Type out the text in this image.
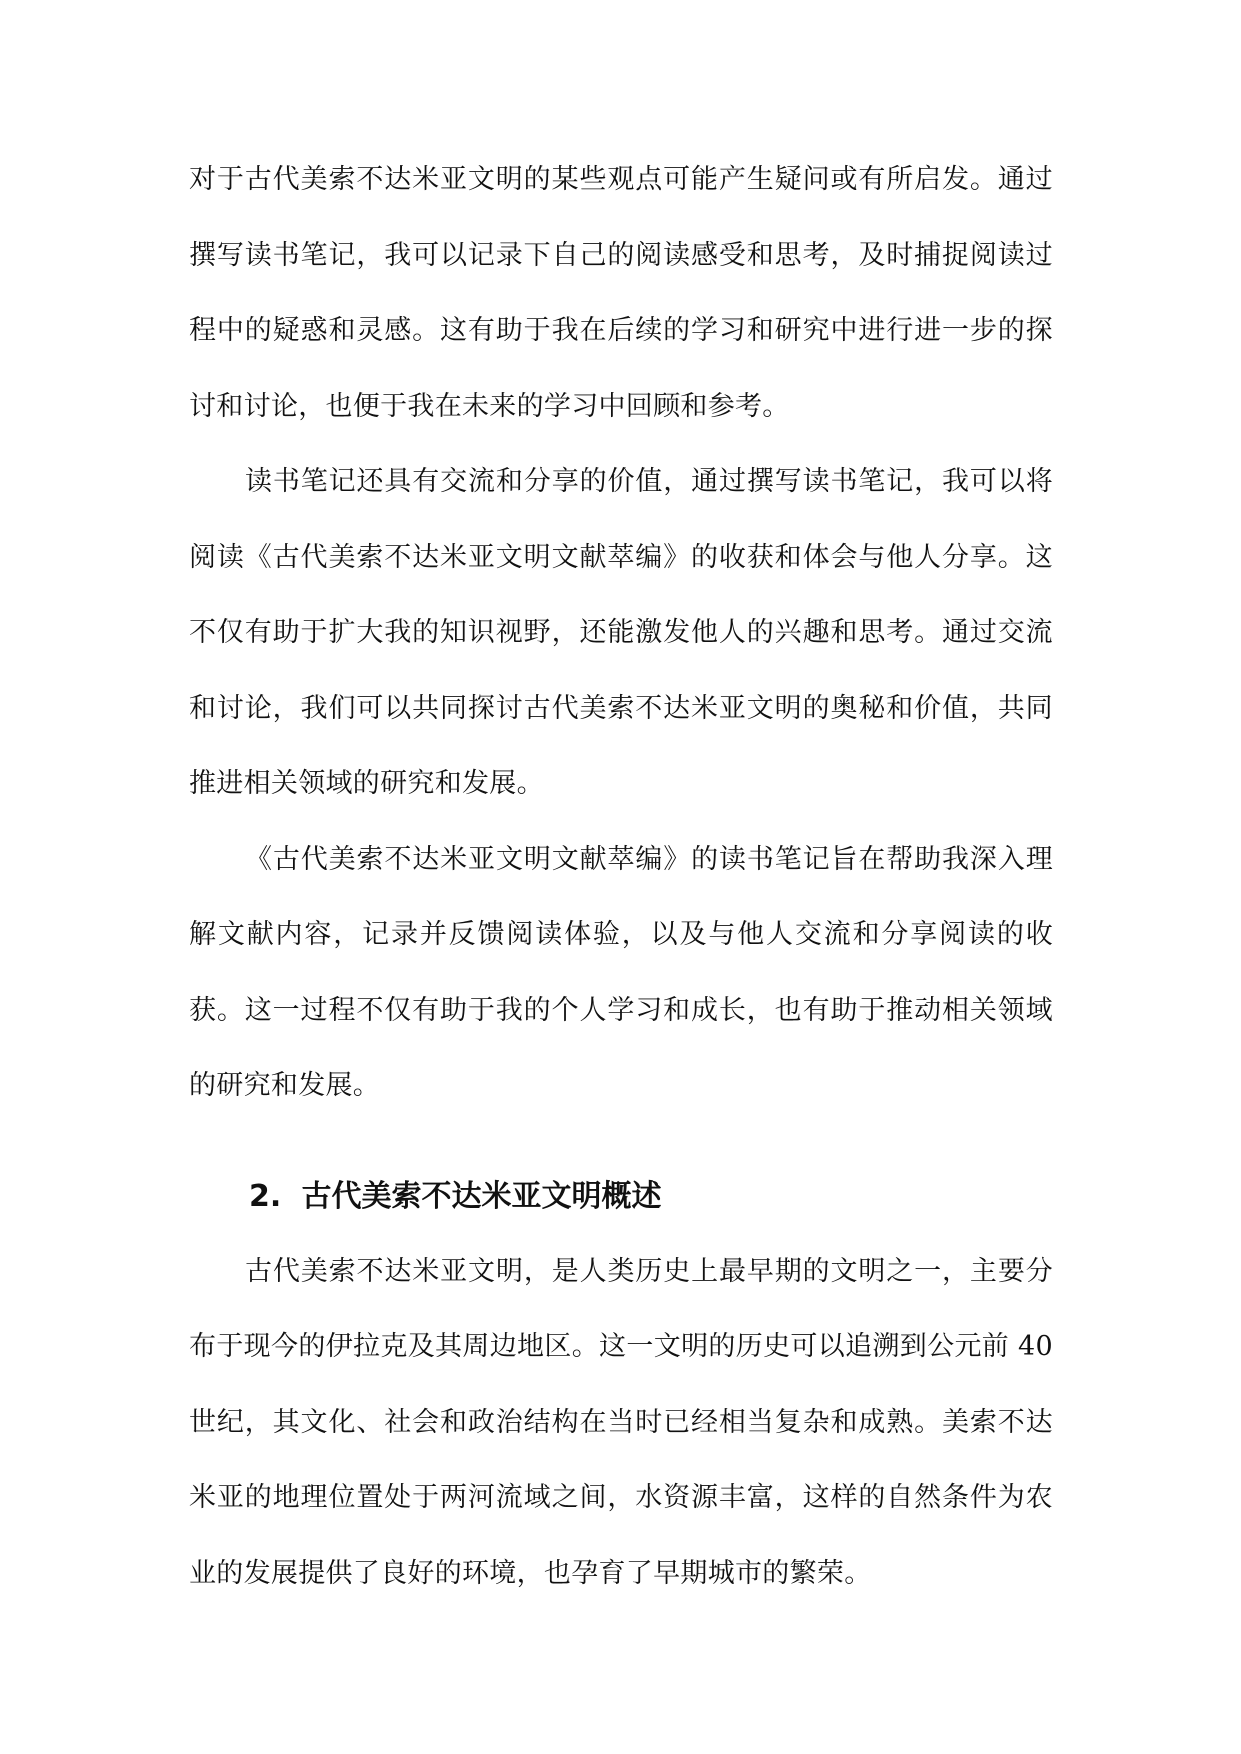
对于古代美索不达米亚文明的某些观点可能产生疑问或有所启发。通过撰写读书笔记，我可以记录下自己的阅读感受和思考，及时捕捉阅读过程中的疑惑和灵感。这有助于我在后续的学习和研究中进行进一步的探讨和讨论，也便于我在未来的学习中回顾和参考。

读书笔记还具有交流和分享的价值，通过撰写读书笔记，我可以将阅读《古代美索不达米亚文明文献萃编》的收获和体会与他人分享。这不仅有助于扩大我的知识视野，还能激发他人的兴趣和思考。通过交流和讨论，我们可以共同探讨古代美索不达米亚文明的奥秘和价值，共同推进相关领域的研究和发展。

《古代美索不达米亚文明文献萃编》的读书笔记旨在帮助我深入理解文献内容，记录并反馈阅读体验，以及与他人交流和分享阅读的收获。这一过程不仅有助于我的个人学习和成长，也有助于推动相关领域的研究和发展。

2. 古代美索不达米亚文明概述

古代美索不达米亚文明，是人类历史上最早期的文明之一，主要分布于现今的伊拉克及其周边地区。这一文明的历史可以追溯到公元前 40 世纪，其文化、社会和政治结构在当时已经相当复杂和成熟。美索不达米亚的地理位置处于两河流域之间，水资源丰富，这样的自然条件为农业的发展提供了良好的环境，也孕育了早期城市的繁荣。
